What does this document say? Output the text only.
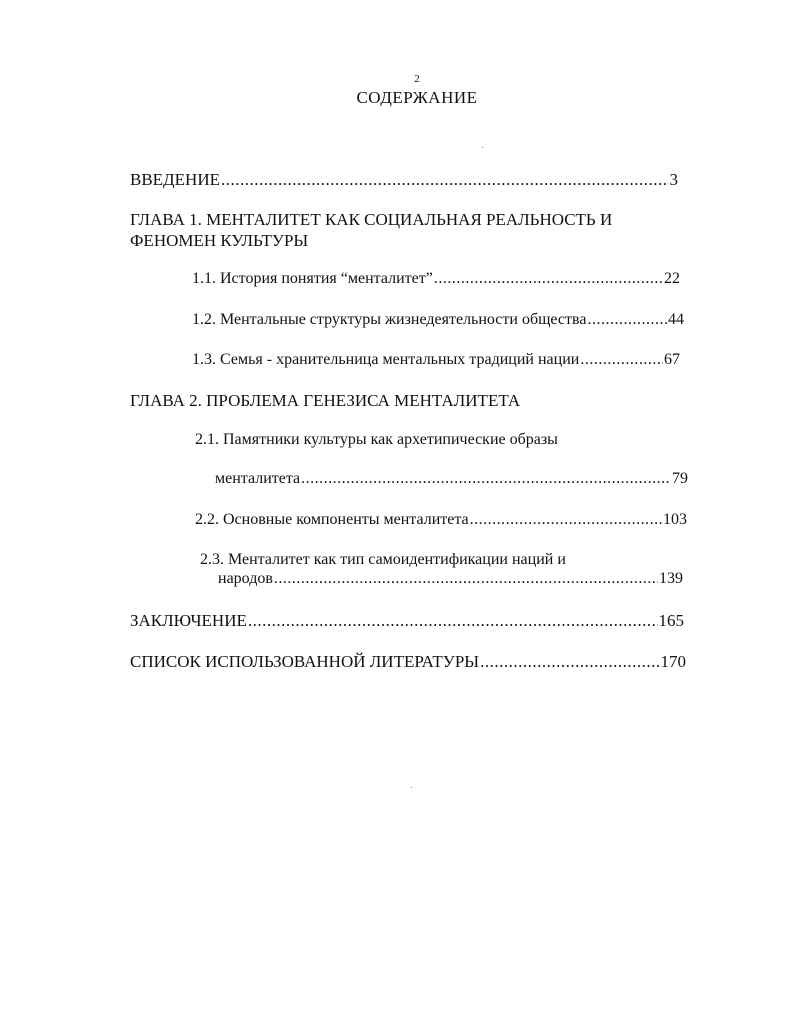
2
СОДЕРЖАНИЕ
ВВЕДЕНИЕ .....	3
ГЛАВА 1. МЕНТАЛИТЕТ КАК СОЦИАЛЬНАЯ РЕАЛЬНОСТЬ И
ФЕНОМЕН КУЛЬТУРЫ
1.1. История понятия “менталитет” .....	22
1.2. Ментальные структуры жизнедеятельности общества .....	44
1.3. Семья - хранительница ментальных традиций нации .....	67
ГЛАВА 2. ПРОБЛЕМА ГЕНЕЗИСА МЕНТАЛИТЕТА
2.1. Памятники культуры как архетипические образы
менталитета .....	79
2.2. Основные компоненты менталитета .....	103
2.3. Менталитет как тип самоидентификации наций и
народов .....	139
ЗАКЛЮЧЕНИЕ .....	165
СПИСОК ИСПОЛЬЗОВАННОЙ ЛИТЕРАТУРЫ .....	170
